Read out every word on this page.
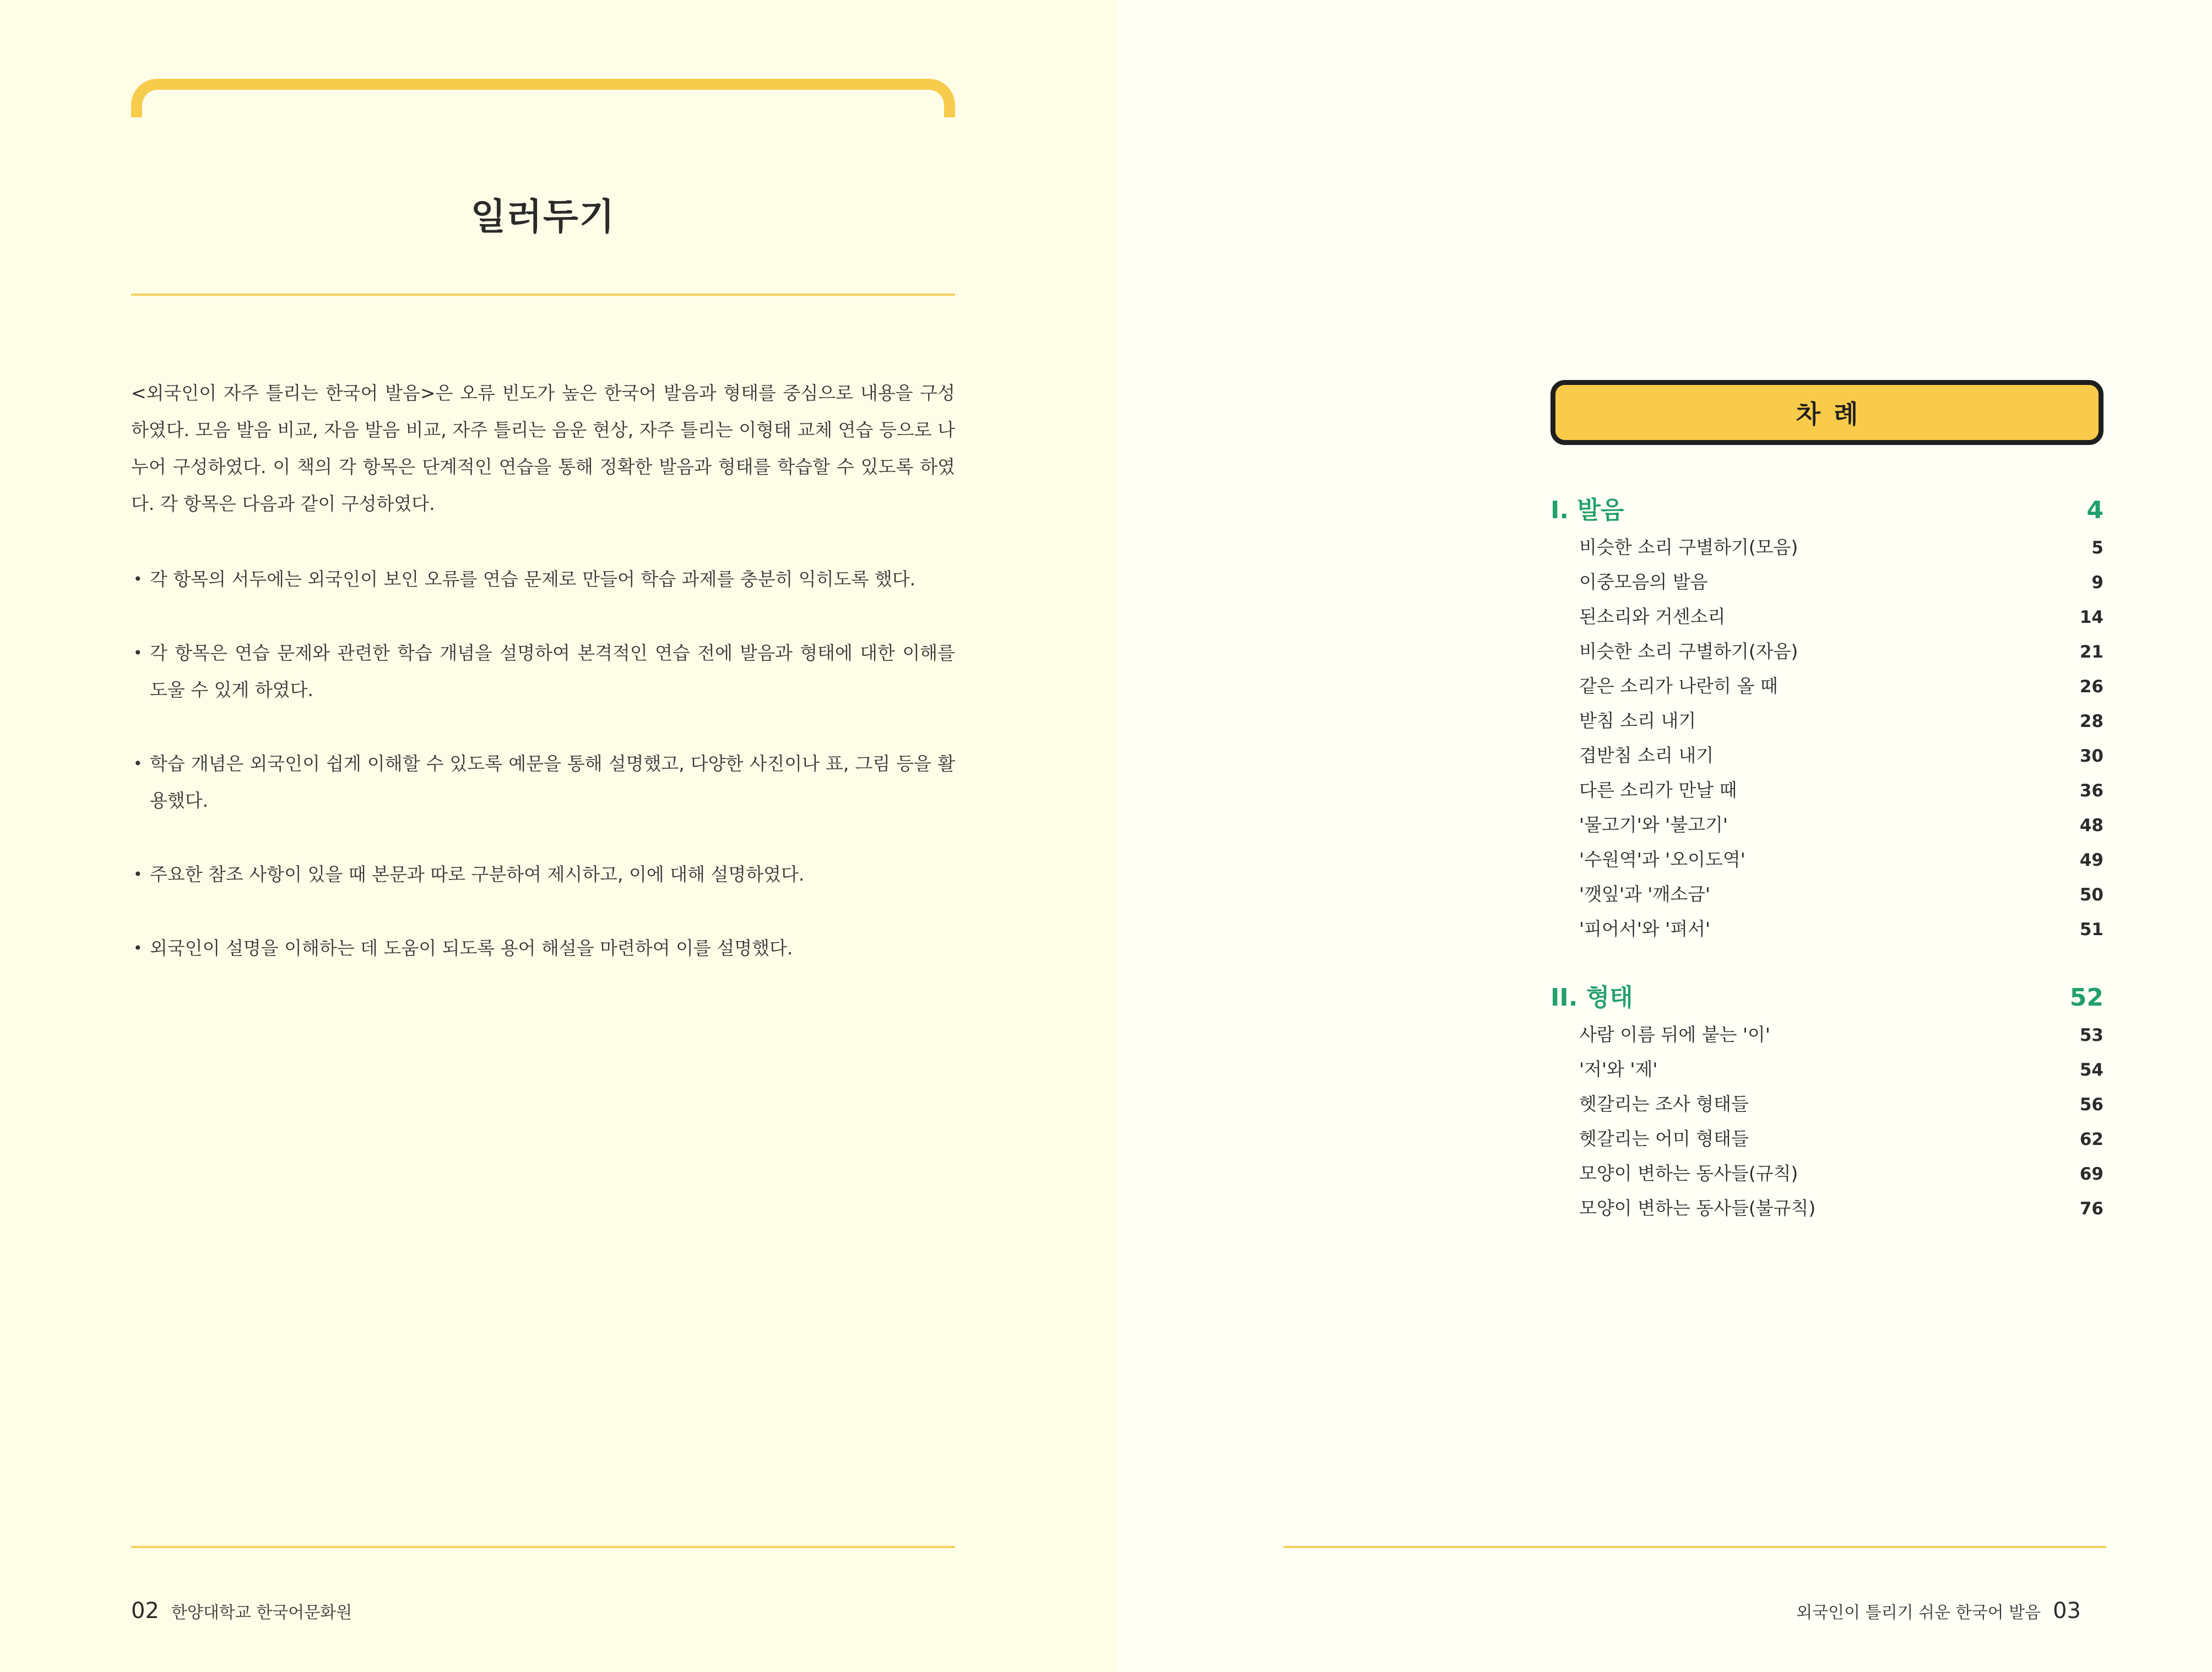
일러두기
<외국인이 자주 틀리는 한국어 발음>은 오류 빈도가 높은 한국어 발음과 형태를 중심으로 내용을 구성하였다. 모음 발음 비교, 자음 발음 비교, 자주 틀리는 음운 현상, 자주 틀리는 이형태 교체 연습 등으로 나누어 구성하였다. 이 책의 각 항목은 단계적인 연습을 통해 정확한 발음과 형태를 학습할 수 있도록 하였다. 각 항목은 다음과 같이 구성하였다.
• 각 항목의 서두에는 외국인이 보인 오류를 연습 문제로 만들어 학습 과제를 충분히 익히도록 했다.
• 각 항목은 연습 문제와 관련한 학습 개념을 설명하여 본격적인 연습 전에 발음과 형태에 대한 이해를 도울 수 있게 하였다.
• 학습 개념은 외국인이 쉽게 이해할 수 있도록 예문을 통해 설명했고, 다양한 사진이나 표, 그림 등을 활용했다.
• 주요한 참조 사항이 있을 때 본문과 따로 구분하여 제시하고, 이에 대해 설명하였다.
• 외국인이 설명을 이해하는 데 도움이 되도록 용어 해설을 마련하여 이를 설명했다.
02 한양대학교 한국어문화원
차례
I. 발음	4
비슷한 소리 구별하기(모음)	5
이중모음의 발음	9
된소리와 거센소리	14
비슷한 소리 구별하기(자음)	21
같은 소리가 나란히 올 때	26
받침 소리 내기	28
겹받침 소리 내기	30
다른 소리가 만날 때	36
'물고기'와 '불고기'	48
'수원역'과 '오이도역'	49
'깻잎'과 '깨소금'	50
'피어서'와 '펴서'	51
II. 형태	52
사람 이름 뒤에 붙는 '이'	53
'저'와 '제'	54
헷갈리는 조사 형태들	56
헷갈리는 어미 형태들	62
모양이 변하는 동사들(규칙)	69
모양이 변하는 동사들(불규칙)	76
외국인이 틀리기 쉬운 한국어 발음 03
